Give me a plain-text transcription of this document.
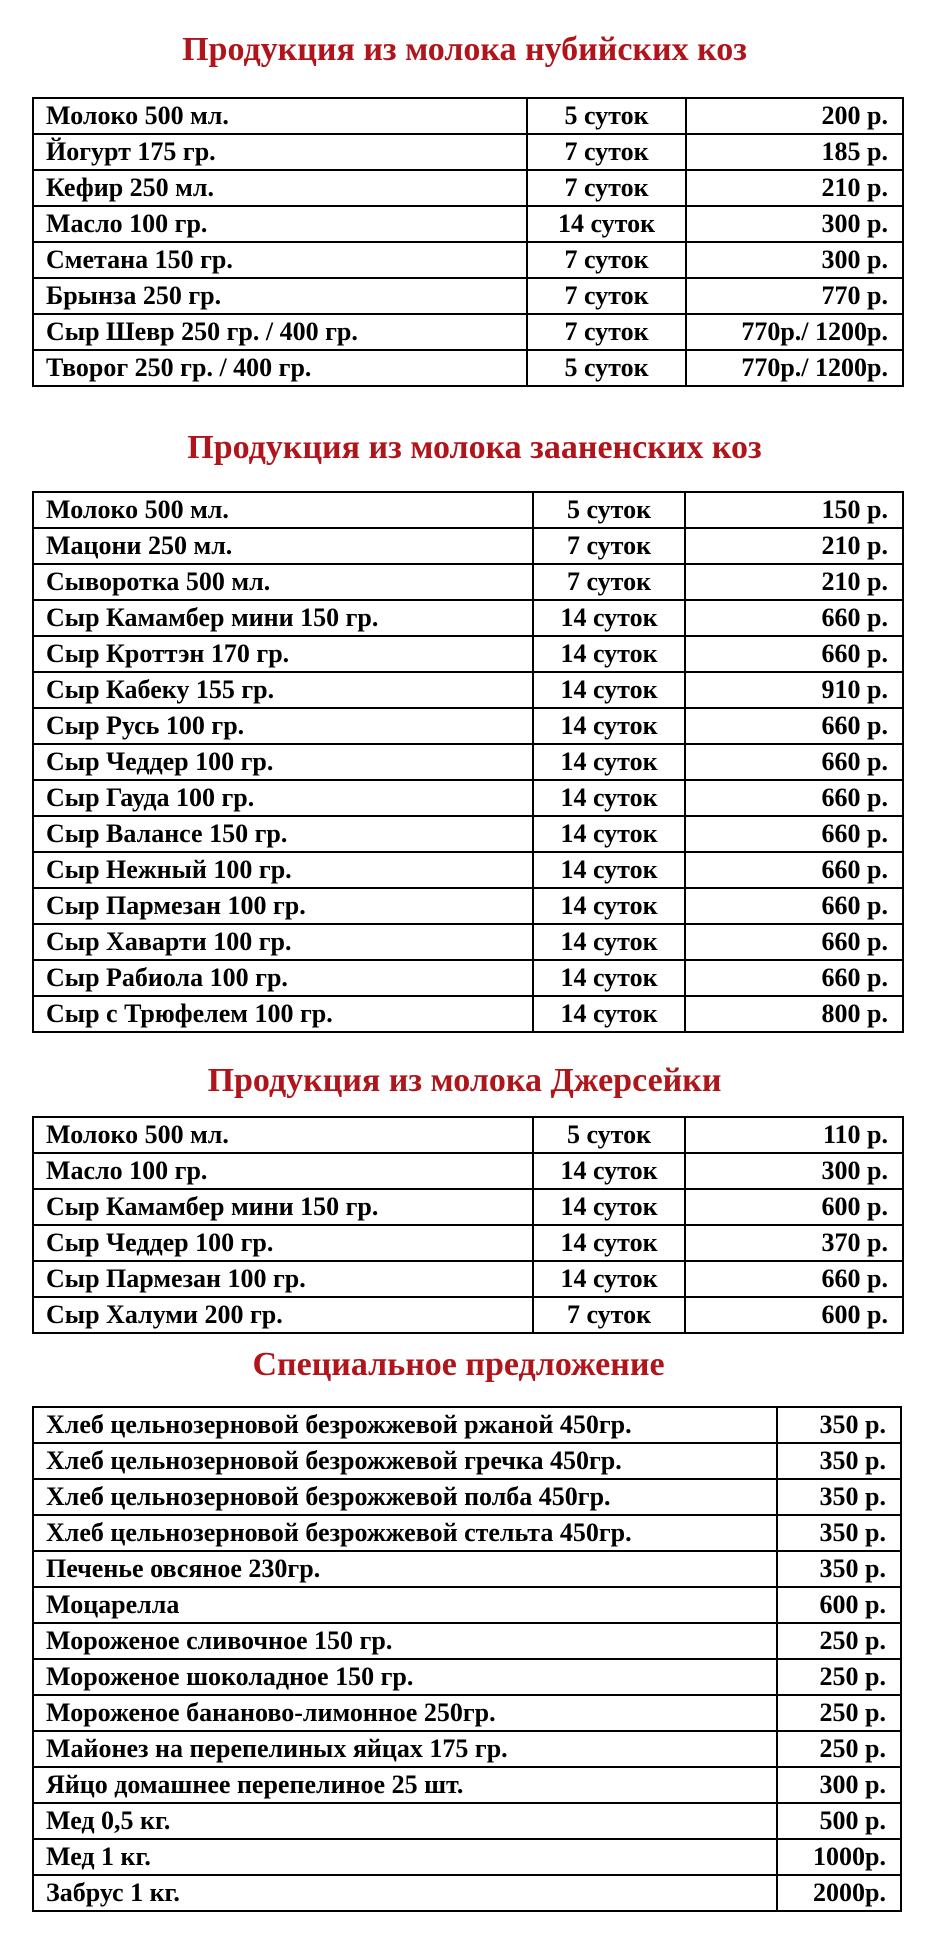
Продукция из молока нубийских коз
Молоко 500 мл.	5 суток	200 р.
Йогурт 175 гр.	7 суток	185 р.
Кефир 250 мл.	7 суток	210 р.
Масло 100 гр.	14 суток	300 р.
Сметана 150 гр.	7 суток	300 р.
Брынза 250 гр.	7 суток	770 р.
Сыр Шевр 250 гр. / 400 гр.	7 суток	770р./ 1200р.
Творог 250 гр. / 400 гр.	5 суток	770р./ 1200р.
Продукция из молока зааненских коз
Молоко 500 мл.	5 суток	150 р.
Мацони 250 мл.	7 суток	210 р.
Сыворотка 500 мл.	7 суток	210 р.
Сыр Камамбер мини 150 гр.	14 суток	660 р.
Сыр Кроттэн 170 гр.	14 суток	660 р.
Сыр Кабеку 155 гр.	14 суток	910 р.
Сыр Русь 100 гр.	14 суток	660 р.
Сыр Чеддер 100 гр.	14 суток	660 р.
Сыр Гауда 100 гр.	14 суток	660 р.
Сыр Валансе 150 гр.	14 суток	660 р.
Сыр Нежный 100 гр.	14 суток	660 р.
Сыр Пармезан 100 гр.	14 суток	660 р.
Сыр Хаварти 100 гр.	14 суток	660 р.
Сыр Рабиола 100 гр.	14 суток	660 р.
Сыр с Трюфелем 100 гр.	14 суток	800 р.
Продукция из молока Джерсейки
Молоко 500 мл.	5 суток	110 р.
Масло 100 гр.	14 суток	300 р.
Сыр Камамбер мини 150 гр.	14 суток	600 р.
Сыр Чеддер 100 гр.	14 суток	370 р.
Сыр Пармезан 100 гр.	14 суток	660 р.
Сыр Халуми 200 гр.	7 суток	600 р.
Специальное предложение
Хлеб цельнозерновой безрожжевой ржаной 450гр.	350 р.
Хлеб цельнозерновой безрожжевой гречка 450гр.	350 р.
Хлеб цельнозерновой безрожжевой полба 450гр.	350 р.
Хлеб цельнозерновой безрожжевой стельта 450гр.	350 р.
Печенье овсяное 230гр.	350 р.
Моцарелла	600 р.
Мороженое сливочное 150 гр.	250 р.
Мороженое шоколадное 150 гр.	250 р.
Мороженое бананово-лимонное 250гр.	250 р.
Майонез на перепелиных яйцах 175 гр.	250 р.
Яйцо домашнее перепелиное 25 шт.	300 р.
Мед 0,5 кг.	500 р.
Мед 1 кг.	1000р.
Забрус 1 кг.	2000р.
